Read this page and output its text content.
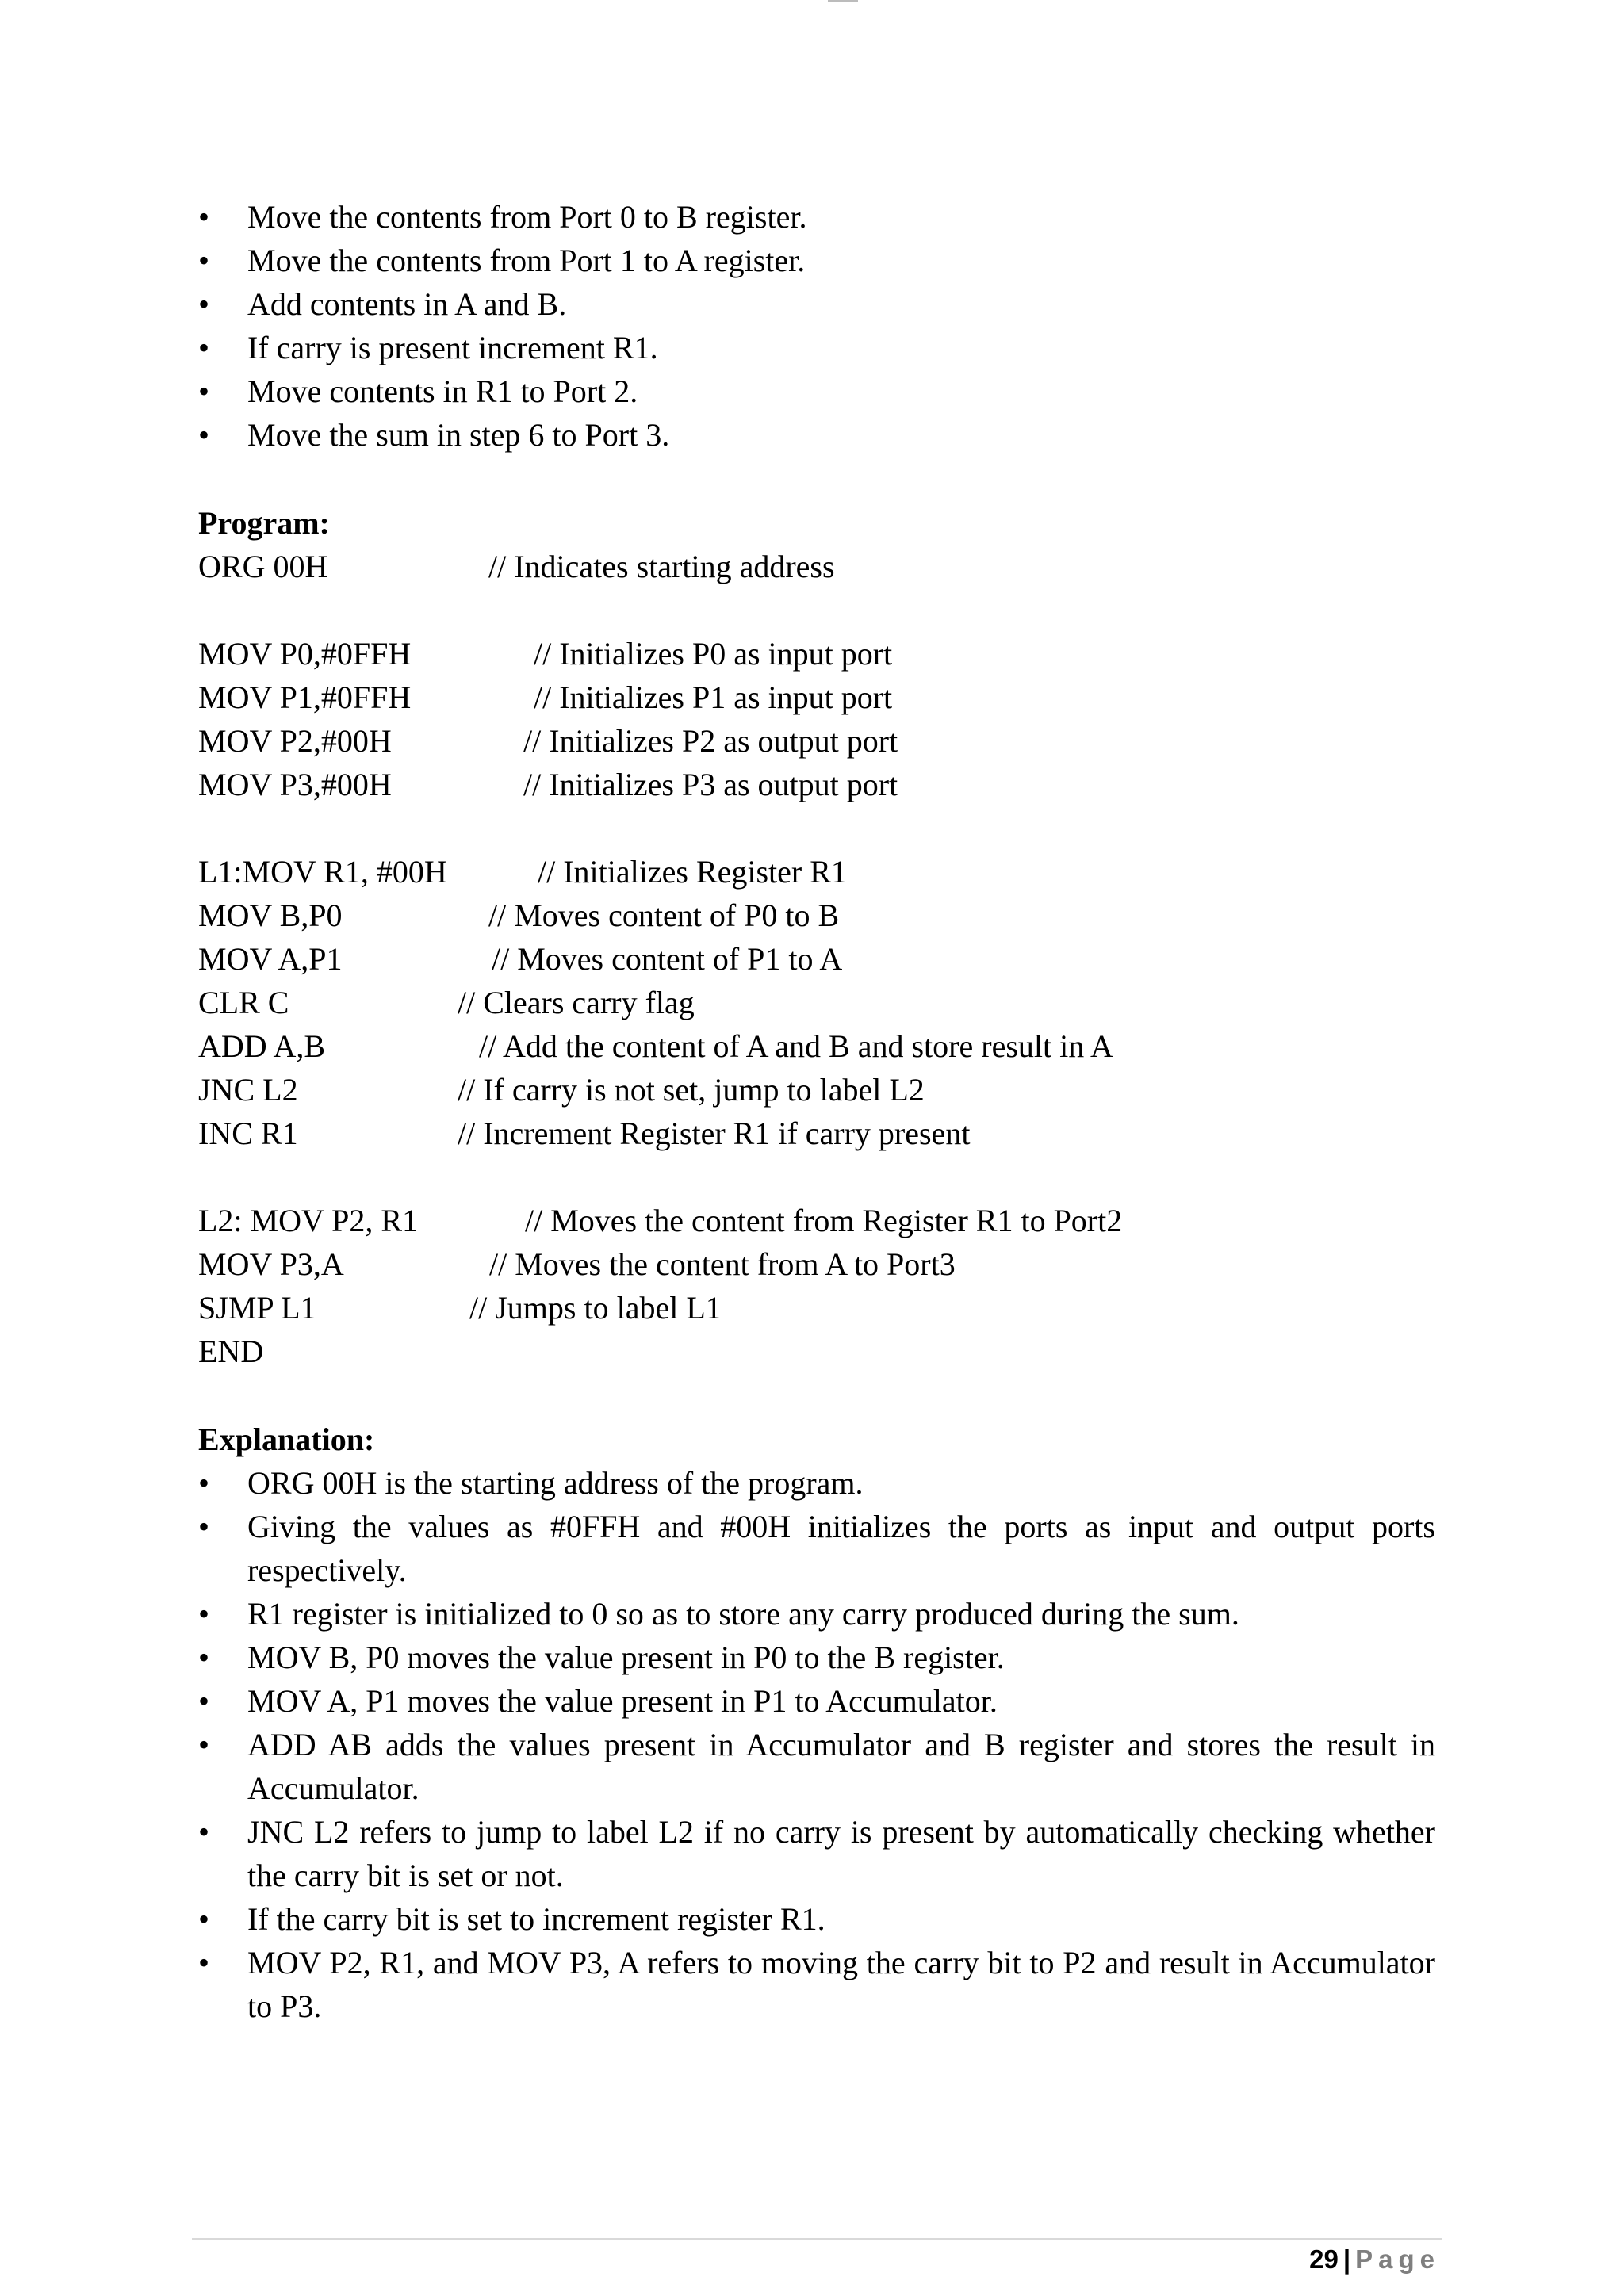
• Move the contents from Port 0 to B register.
• Move the contents from Port 1 to A register.
• Add contents in A and B.
• If carry is present increment R1.
• Move contents in R1 to Port 2.
• Move the sum in step 6 to Port 3.
Program:
ORG 00H	// Indicates starting address
MOV P0,#0FFH	// Initializes P0 as input port
MOV P1,#0FFH	// Initializes P1 as input port
MOV P2,#00H	// Initializes P2 as output port
MOV P3,#00H	// Initializes P3 as output port
L1:MOV R1, #00H	// Initializes Register R1
MOV B,P0	// Moves content of P0 to B
MOV A,P1	// Moves content of P1 to A
CLR C	// Clears carry flag
ADD A,B	// Add the content of A and B and store result in A
JNC L2	// If carry is not set, jump to label L2
INC R1	// Increment Register R1 if carry present
L2: MOV P2, R1	// Moves the content from Register R1 to Port2
MOV P3,A	// Moves the content from A to Port3
SJMP L1	// Jumps to label L1
END
Explanation:
• ORG 00H is the starting address of the program.
• Giving the values as #0FFH and #00H initializes the ports as input and output ports respectively.
• R1 register is initialized to 0 so as to store any carry produced during the sum.
• MOV B, P0 moves the value present in P0 to the B register.
• MOV A, P1 moves the value present in P1 to Accumulator.
• ADD AB adds the values present in Accumulator and B register and stores the result in Accumulator.
• JNC L2 refers to jump to label L2 if no carry is present by automatically checking whether the carry bit is set or not.
• If the carry bit is set to increment register R1.
• MOV P2, R1, and MOV P3, A refers to moving the carry bit to P2 and result in Accumulator to P3.
29 | Page
